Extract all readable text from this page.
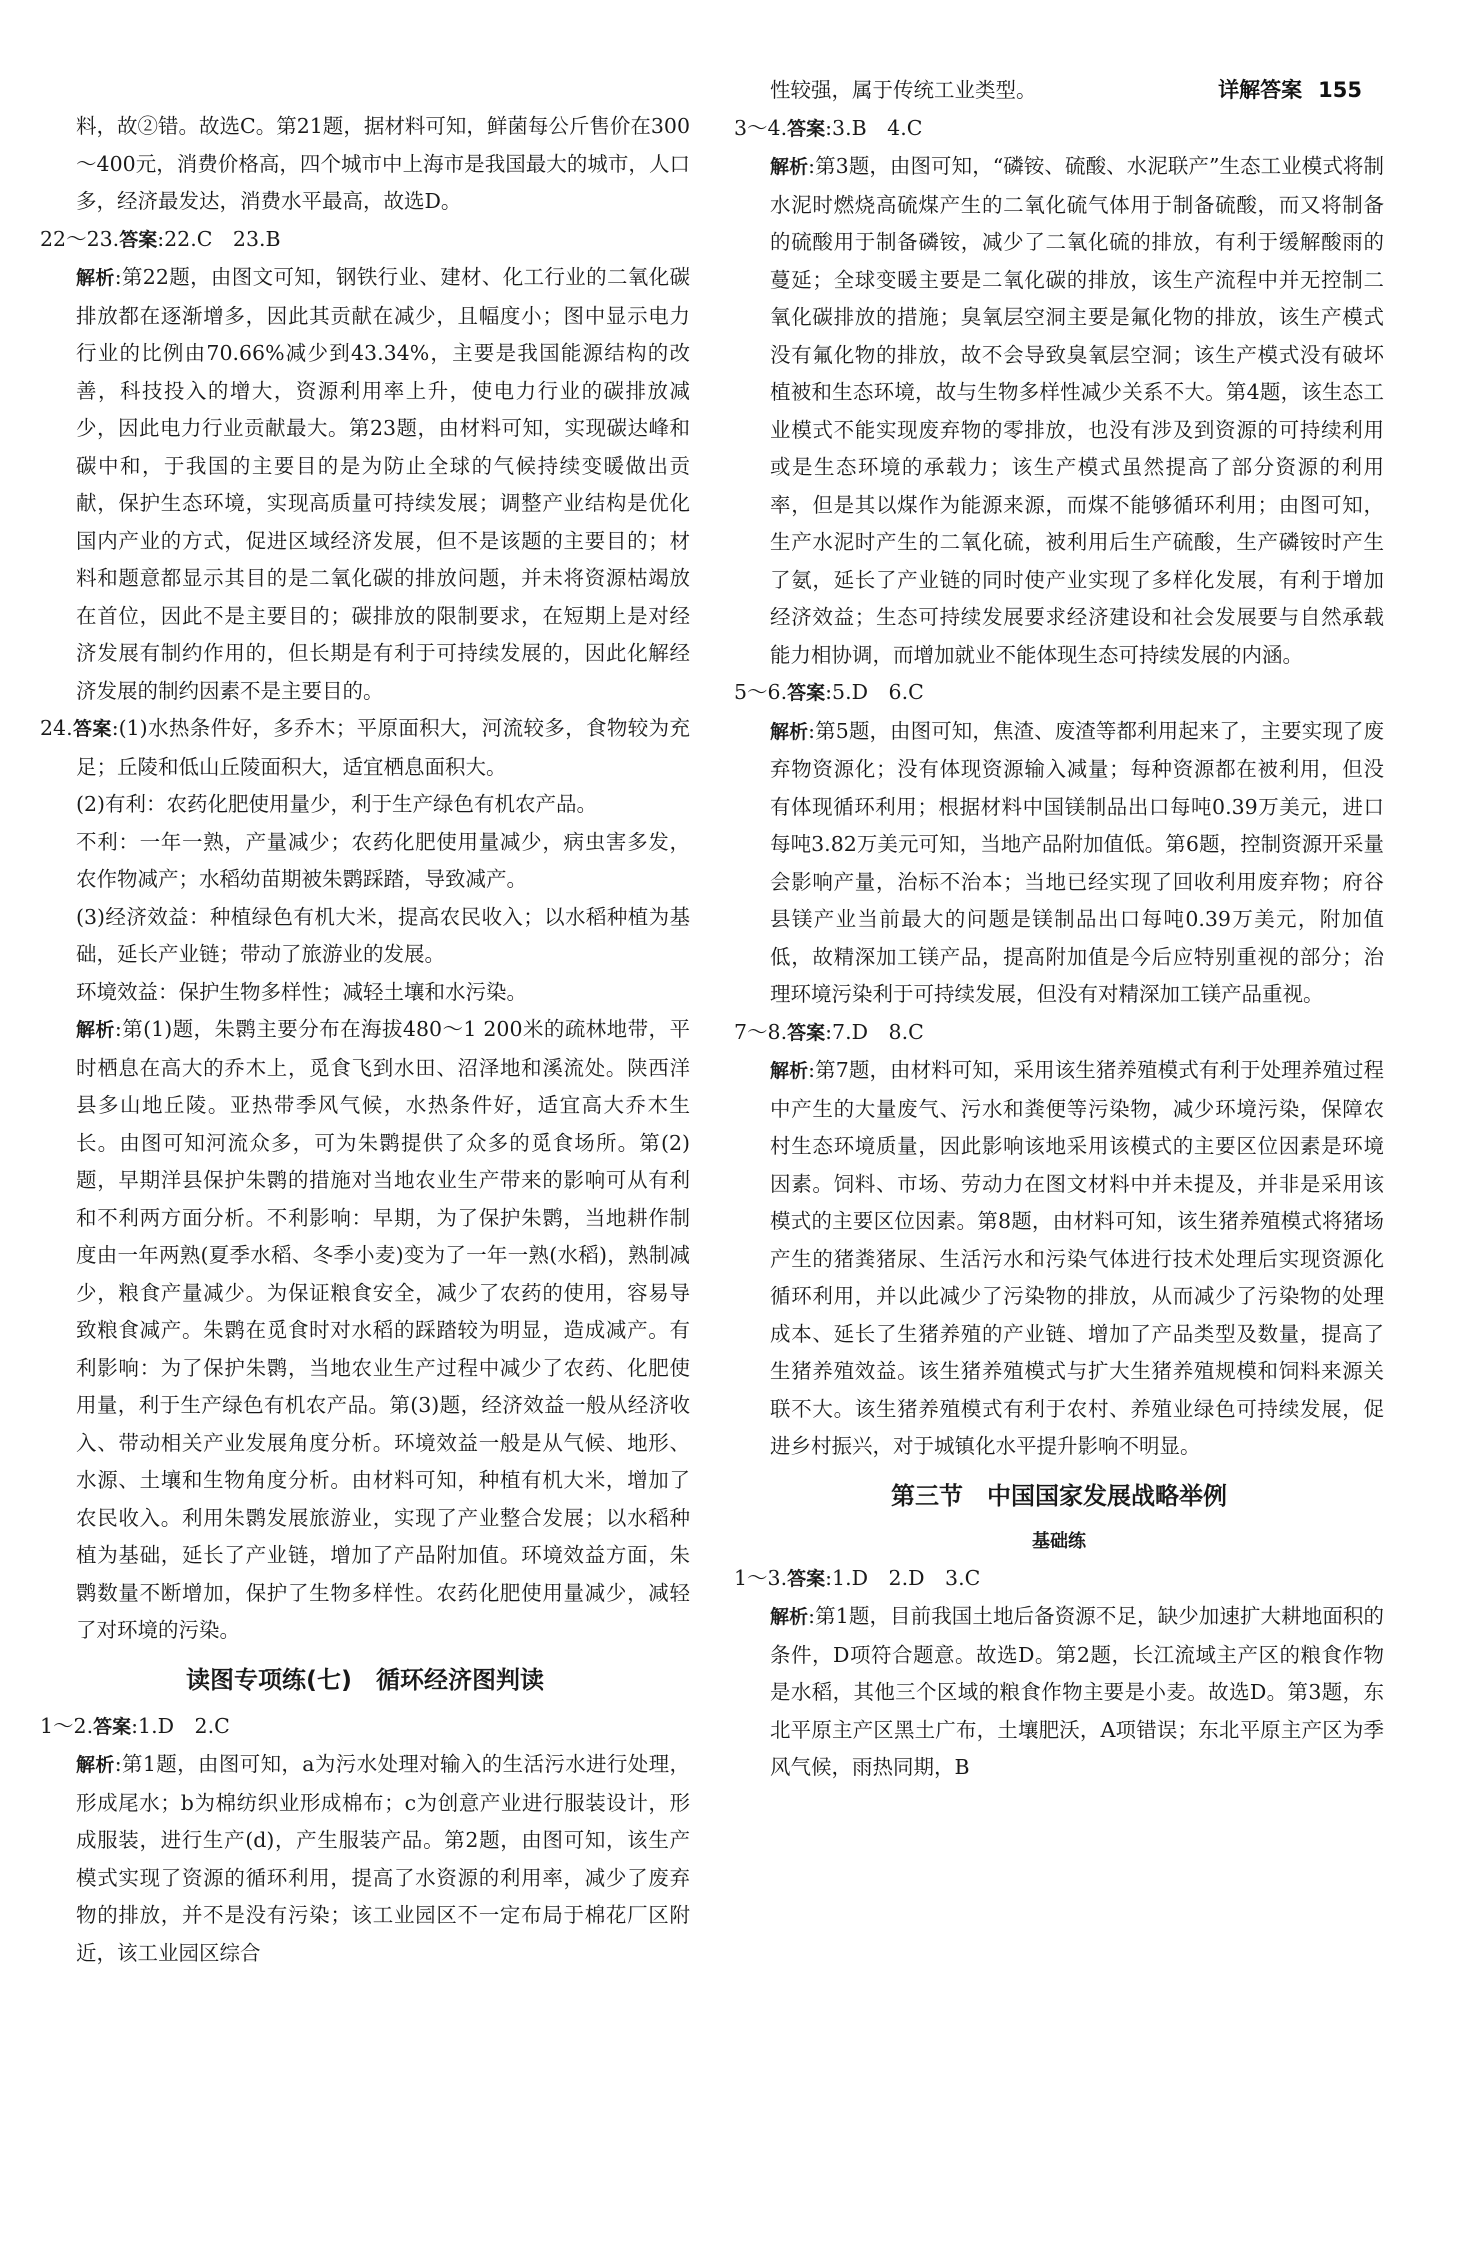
详解答案 155

料，故②错。故选C。第21题，据材料可知，鲜菌每公斤售价在300～400元，消费价格高，四个城市中上海市是我国最大的城市，人口多，经济最发达，消费水平最高，故选D。

22～23.答案:22.C　23.B

解析:第22题，由图文可知，钢铁行业、建材、化工行业的二氧化碳排放都在逐渐增多，因此其贡献在减少，且幅度小；图中显示电力行业的比例由70.66%减少到43.34%，主要是我国能源结构的改善，科技投入的增大，资源利用率上升，使电力行业的碳排放减少，因此电力行业贡献最大。第23题，由材料可知，实现碳达峰和碳中和，于我国的主要目的是为防止全球的气候持续变暖做出贡献，保护生态环境，实现高质量可持续发展；调整产业结构是优化国内产业的方式，促进区域经济发展，但不是该题的主要目的；材料和题意都显示其目的是二氧化碳的排放问题，并未将资源枯竭放在首位，因此不是主要目的；碳排放的限制要求，在短期上是对经济发展有制约作用的，但长期是有利于可持续发展的，因此化解经济发展的制约因素不是主要目的。

24.答案:(1)水热条件好，多乔木；平原面积大，河流较多，食物较为充足；丘陵和低山丘陵面积大，适宜栖息面积大。

(2)有利：农药化肥使用量少，利于生产绿色有机农产品。

不利：一年一熟，产量减少；农药化肥使用量减少，病虫害多发，农作物减产；水稻幼苗期被朱鹮踩踏，导致减产。

(3)经济效益：种植绿色有机大米，提高农民收入；以水稻种植为基础，延长产业链；带动了旅游业的发展。

环境效益：保护生物多样性；减轻土壤和水污染。

解析:第(1)题，朱鹮主要分布在海拔480～1 200米的疏林地带，平时栖息在高大的乔木上，觅食飞到水田、沼泽地和溪流处。陕西洋县多山地丘陵。亚热带季风气候，水热条件好，适宜高大乔木生长。由图可知河流众多，可为朱鹮提供了众多的觅食场所。第(2)题，早期洋县保护朱鹮的措施对当地农业生产带来的影响可从有利和不利两方面分析。不利影响：早期，为了保护朱鹮，当地耕作制度由一年两熟(夏季水稻、冬季小麦)变为了一年一熟(水稻)，熟制减少，粮食产量减少。为保证粮食安全，减少了农药的使用，容易导致粮食减产。朱鹮在觅食时对水稻的踩踏较为明显，造成减产。有利影响：为了保护朱鹮，当地农业生产过程中减少了农药、化肥使用量，利于生产绿色有机农产品。第(3)题，经济效益一般从经济收入、带动相关产业发展角度分析。环境效益一般是从气候、地形、水源、土壤和生物角度分析。由材料可知，种植有机大米，增加了农民收入。利用朱鹮发展旅游业，实现了产业整合发展；以水稻种植为基础，延长了产业链，增加了产品附加值。环境效益方面，朱鹮数量不断增加，保护了生物多样性。农药化肥使用量减少，减轻了对环境的污染。

读图专项练(七)　循环经济图判读

1～2.答案:1.D　2.C

解析:第1题，由图可知，a为污水处理对输入的生活污水进行处理，形成尾水；b为棉纺织业形成棉布；c为创意产业进行服装设计，形成服装，进行生产(d)，产生服装产品。第2题，由图可知，该生产模式实现了资源的循环利用，提高了水资源的利用率，减少了废弃物的排放，并不是没有污染；该工业园区不一定布局于棉花厂区附近，该工业园区综合

性较强，属于传统工业类型。

3～4.答案:3.B　4.C

解析:第3题，由图可知，“磷铵、硫酸、水泥联产”生态工业模式将制水泥时燃烧高硫煤产生的二氧化硫气体用于制备硫酸，而又将制备的硫酸用于制备磷铵，减少了二氧化硫的排放，有利于缓解酸雨的蔓延；全球变暖主要是二氧化碳的排放，该生产流程中并无控制二氧化碳排放的措施；臭氧层空洞主要是氟化物的排放，该生产模式没有氟化物的排放，故不会导致臭氧层空洞；该生产模式没有破坏植被和生态环境，故与生物多样性减少关系不大。第4题，该生态工业模式不能实现废弃物的零排放，也没有涉及到资源的可持续利用或是生态环境的承载力；该生产模式虽然提高了部分资源的利用率，但是其以煤作为能源来源，而煤不能够循环利用；由图可知，生产水泥时产生的二氧化硫，被利用后生产硫酸，生产磷铵时产生了氨，延长了产业链的同时使产业实现了多样化发展，有利于增加经济效益；生态可持续发展要求经济建设和社会发展要与自然承载能力相协调，而增加就业不能体现生态可持续发展的内涵。

5～6.答案:5.D　6.C

解析:第5题，由图可知，焦渣、废渣等都利用起来了，主要实现了废弃物资源化；没有体现资源输入减量；每种资源都在被利用，但没有体现循环利用；根据材料中国镁制品出口每吨0.39万美元，进口每吨3.82万美元可知，当地产品附加值低。第6题，控制资源开采量会影响产量，治标不治本；当地已经实现了回收利用废弃物；府谷县镁产业当前最大的问题是镁制品出口每吨0.39万美元，附加值低，故精深加工镁产品，提高附加值是今后应特别重视的部分；治理环境污染利于可持续发展，但没有对精深加工镁产品重视。

7～8.答案:7.D　8.C

解析:第7题，由材料可知，采用该生猪养殖模式有利于处理养殖过程中产生的大量废气、污水和粪便等污染物，减少环境污染，保障农村生态环境质量，因此影响该地采用该模式的主要区位因素是环境因素。饲料、市场、劳动力在图文材料中并未提及，并非是采用该模式的主要区位因素。第8题，由材料可知，该生猪养殖模式将猪场产生的猪粪猪尿、生活污水和污染气体进行技术处理后实现资源化循环利用，并以此减少了污染物的排放，从而减少了污染物的处理成本、延长了生猪养殖的产业链、增加了产品类型及数量，提高了生猪养殖效益。该生猪养殖模式与扩大生猪养殖规模和饲料来源关联不大。该生猪养殖模式有利于农村、养殖业绿色可持续发展，促进乡村振兴，对于城镇化水平提升影响不明显。

第三节　中国国家发展战略举例
基础练

1～3.答案:1.D　2.D　3.C

解析:第1题，目前我国土地后备资源不足，缺少加速扩大耕地面积的条件，D项符合题意。故选D。第2题，长江流域主产区的粮食作物是水稻，其他三个区域的粮食作物主要是小麦。故选D。第3题，东北平原主产区黑土广布，土壤肥沃，A项错误；东北平原主产区为季风气候，雨热同期，B
